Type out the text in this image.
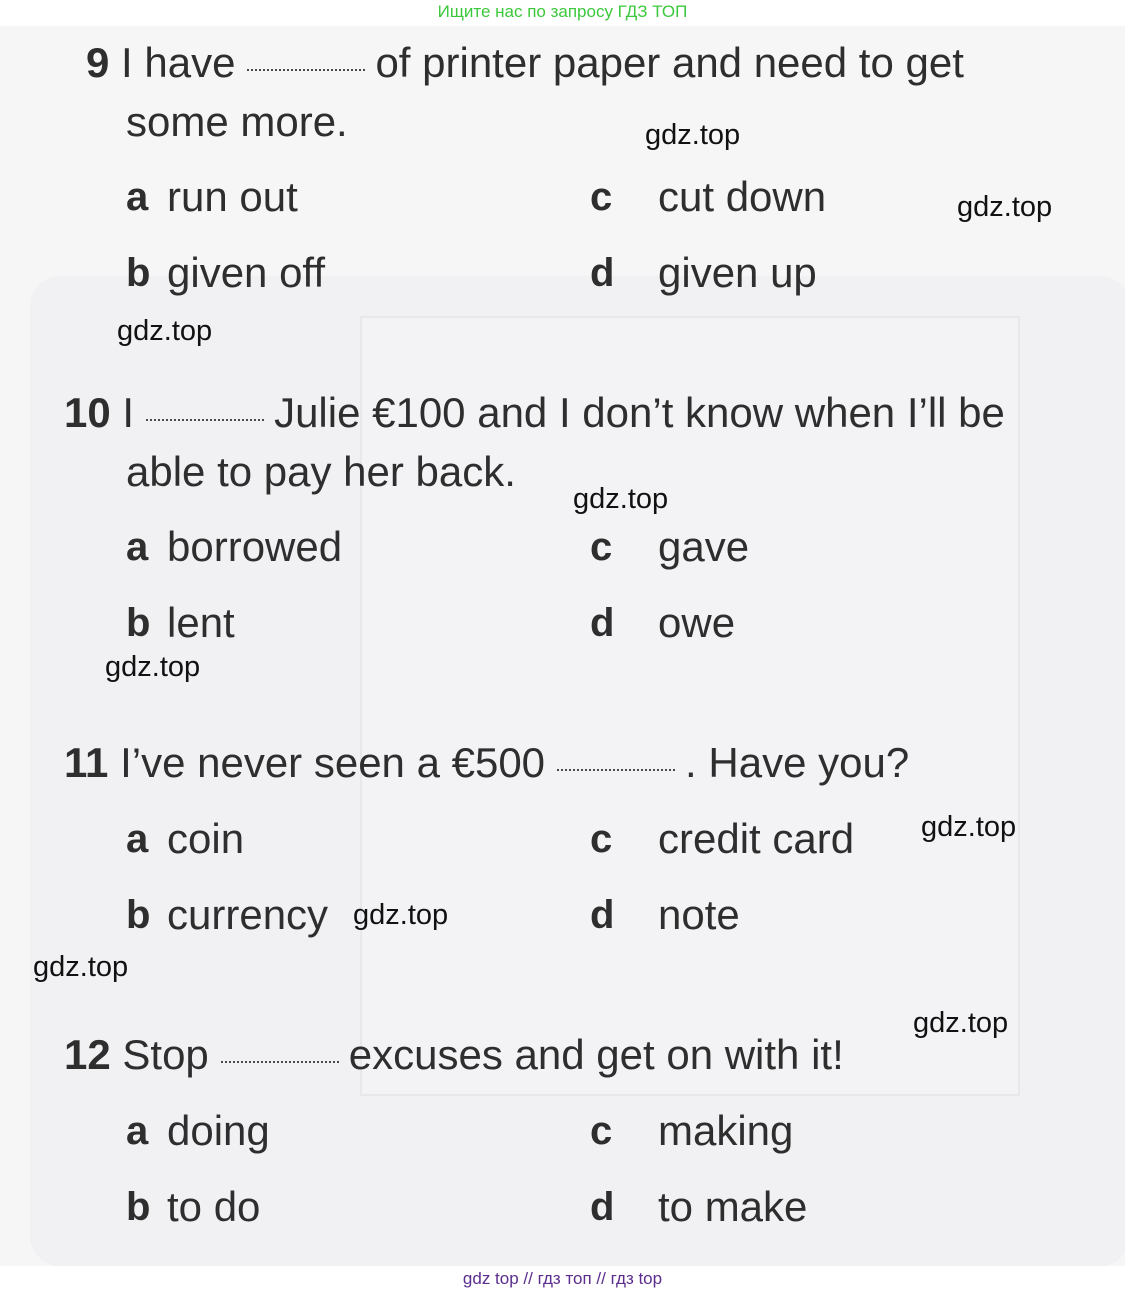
Ищите нас по запросу ГДЗ ТОП
9 I have	of printer paper and need to get
some more.
a run out
b given off
c cut down
d given up
10 I	Julie €100 and I don’t know when I’ll be
able to pay her back.
a borrowed
b lent
c gave
d owe
11 I’ve never seen a €500	. Have you?
a coin
b currency
c credit card
d note
12 Stop	excuses and get on with it!
a doing
b to do
c making
d to make
gdz.top
gdz.top
gdz.top
gdz.top
gdz.top
gdz.top
gdz.top
gdz.top
gdz.top
gdz top // гдз топ // гдз top
